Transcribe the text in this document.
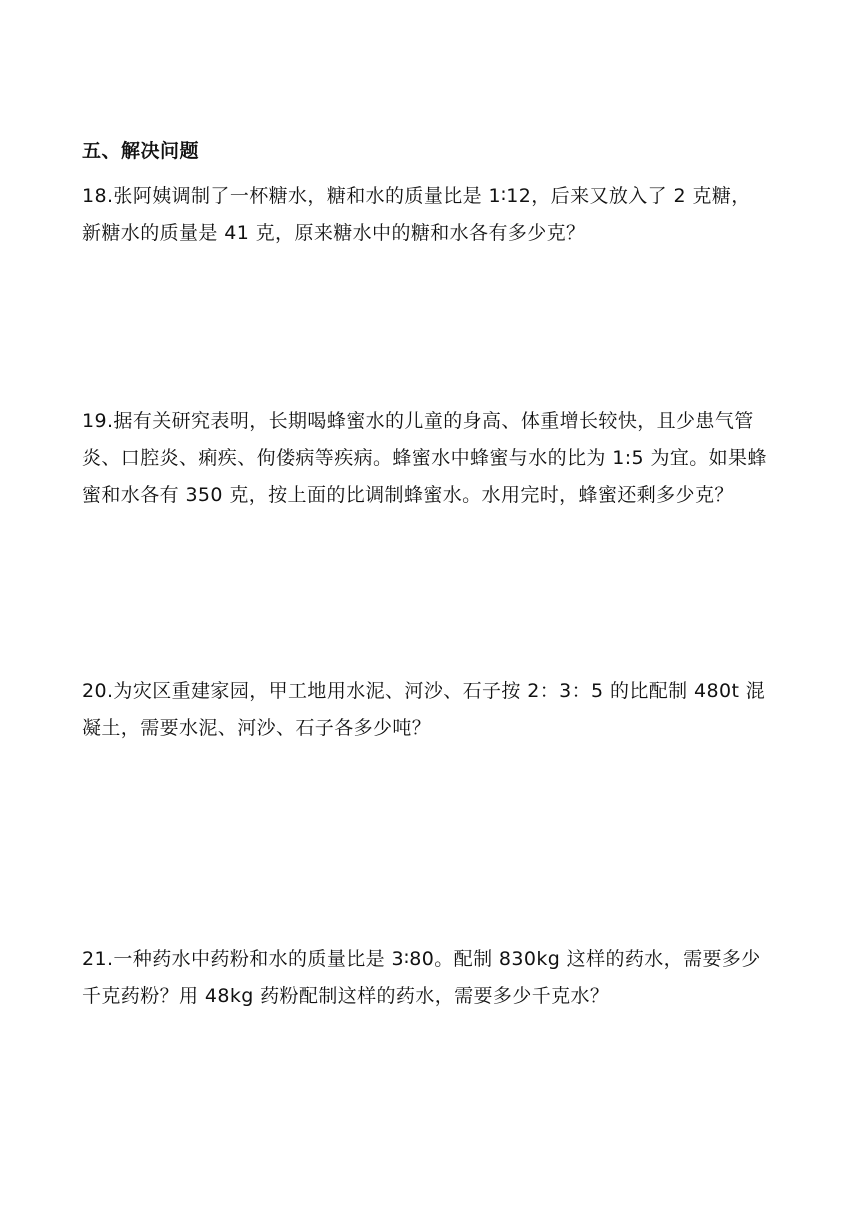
五、解决问题

18.张阿姨调制了一杯糖水，糖和水的质量比是 1∶12，后来又放入了 2 克糖，

新糖水的质量是 41 克，原来糖水中的糖和水各有多少克？

19.据有关研究表明，长期喝蜂蜜水的儿童的身高、体重增长较快，且少患气管

炎、口腔炎、痢疾、佝偻病等疾病。蜂蜜水中蜂蜜与水的比为 1:5 为宜。如果蜂

蜜和水各有 350 克，按上面的比调制蜂蜜水。水用完时，蜂蜜还剩多少克？

20.为灾区重建家园，甲工地用水泥、河沙、石子按 2：3：5 的比配制 480t 混

凝土，需要水泥、河沙、石子各多少吨？

21.一种药水中药粉和水的质量比是 3∶80。配制 830kg 这样的药水，需要多少

千克药粉？用 48kg 药粉配制这样的药水，需要多少千克水？
